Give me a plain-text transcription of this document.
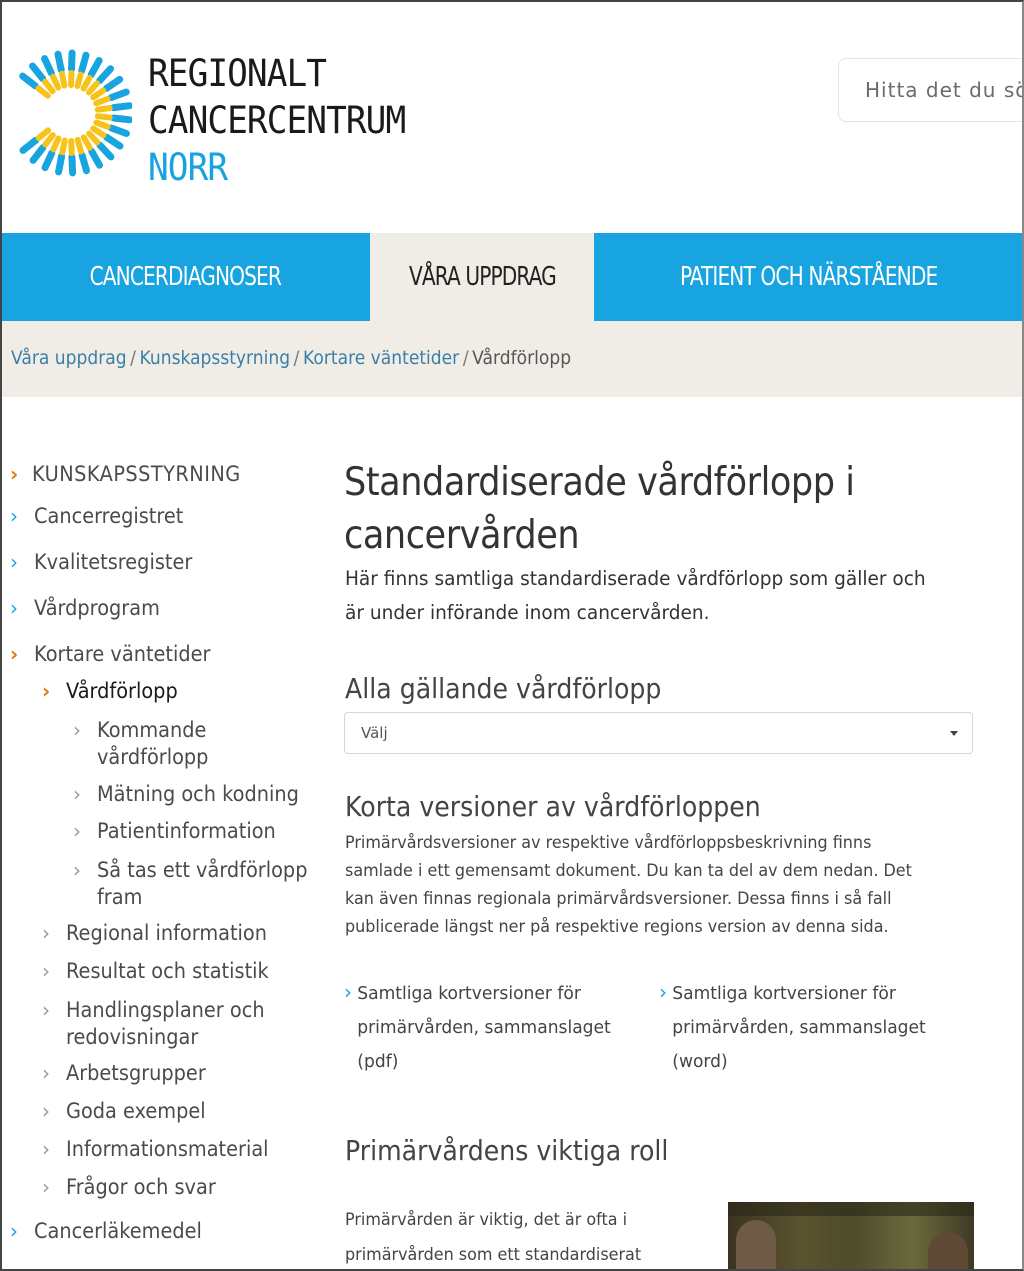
REGIONALT
CANCERCENTRUM
NORR
Hitta det du söker
CANCERDIAGNOSER	VÅRA UPPDRAG	PATIENT OCH NÄRSTÅENDE
Våra uppdrag / Kunskapsstyrning / Kortare väntetider / Vårdförlopp
› KUNSKAPSSTYRNING
› Cancerregistret
› Kvalitetsregister
› Vårdprogram
› Kortare väntetider
› Vårdförlopp
› Kommande
vårdförlopp
› Mätning och kodning
› Patientinformation
› Så tas ett vårdförlopp
fram
› Regional information
› Resultat och statistik
› Handlingsplaner och
redovisningar
› Arbetsgrupper
› Goda exempel
› Informationsmaterial
› Frågor och svar
› Cancerläkemedel
Standardiserade vårdförlopp i
cancervården

Här finns samtliga standardiserade vårdförlopp som gäller och
är under införande inom cancervården.

Alla gällande vårdförlopp
Välj
Korta versioner av vårdförloppen

Primärvårdsversioner av respektive vårdförloppsbeskrivning finns
samlade i ett gemensamt dokument. Du kan ta del av dem nedan. Det
kan även finnas regionala primärvårdsversioner. Dessa finns i så fall
publicerade längst ner på respektive regions version av denna sida.

› Samtliga kortversioner för
primärvården, sammanslaget
(pdf)
› Samtliga kortversioner för
primärvården, sammanslaget
(word)
Primärvårdens viktiga roll

Primärvården är viktig, det är ofta i
primärvården som ett standardiserat
